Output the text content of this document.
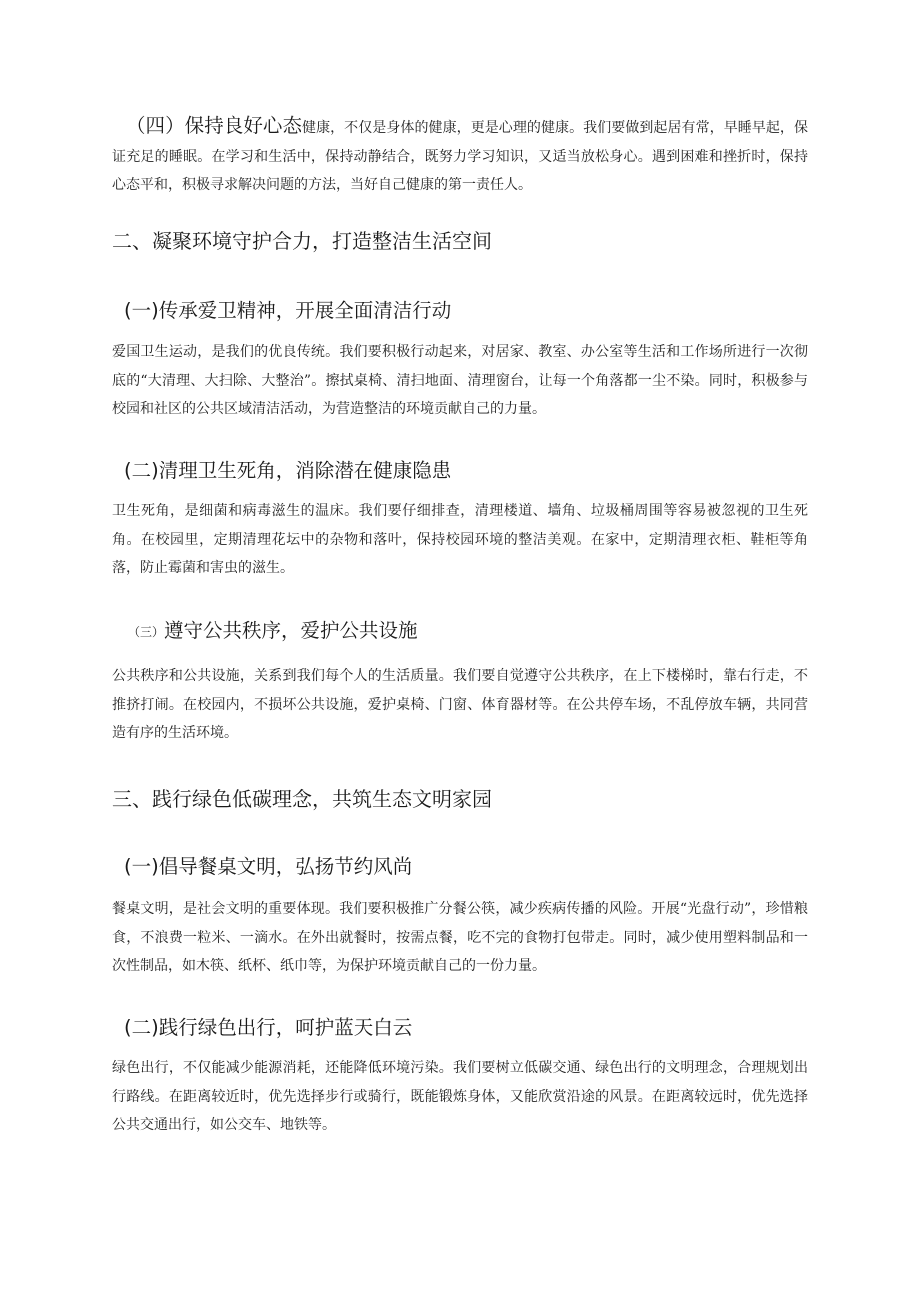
（四）保持良好心态健康，不仅是身体的健康，更是心理的健康。我们要做到起居有常，早睡早起，保证充足的睡眠。在学习和生活中，保持动静结合，既努力学习知识，又适当放松身心。遇到困难和挫折时，保持心态平和，积极寻求解决问题的方法，当好自己健康的第一责任人。

二、凝聚环境守护合力，打造整洁生活空间
(一)传承爱卫精神，开展全面清洁行动

爱国卫生运动，是我们的优良传统。我们要积极行动起来，对居家、教室、办公室等生活和工作场所进行一次彻底的“大清理、大扫除、大整治”。擦拭桌椅、清扫地面、清理窗台，让每一个角落都一尘不染。同时，积极参与校园和社区的公共区域清洁活动，为营造整洁的环境贡献自己的力量。

(二)清理卫生死角，消除潜在健康隐患

卫生死角，是细菌和病毒滋生的温床。我们要仔细排查，清理楼道、墙角、垃圾桶周围等容易被忽视的卫生死角。在校园里，定期清理花坛中的杂物和落叶，保持校园环境的整洁美观。在家中，定期清理衣柜、鞋柜等角落，防止霉菌和害虫的滋生。

（三）遵守公共秩序，爱护公共设施

公共秩序和公共设施，关系到我们每个人的生活质量。我们要自觉遵守公共秩序，在上下楼梯时，靠右行走，不推挤打闹。在校园内，不损坏公共设施，爱护桌椅、门窗、体育器材等。在公共停车场，不乱停放车辆，共同营造有序的生活环境。

三、践行绿色低碳理念，共筑生态文明家园
(一)倡导餐桌文明，弘扬节约风尚

餐桌文明，是社会文明的重要体现。我们要积极推广分餐公筷，减少疾病传播的风险。开展“光盘行动”，珍惜粮食，不浪费一粒米、一滴水。在外出就餐时，按需点餐，吃不完的食物打包带走。同时，减少使用塑料制品和一次性制品，如木筷、纸杯、纸巾等，为保护环境贡献自己的一份力量。

(二)践行绿色出行，呵护蓝天白云

绿色出行，不仅能减少能源消耗，还能降低环境污染。我们要树立低碳交通、绿色出行的文明理念，合理规划出行路线。在距离较近时，优先选择步行或骑行，既能锻炼身体，又能欣赏沿途的风景。在距离较远时，优先选择公共交通出行，如公交车、地铁等。
